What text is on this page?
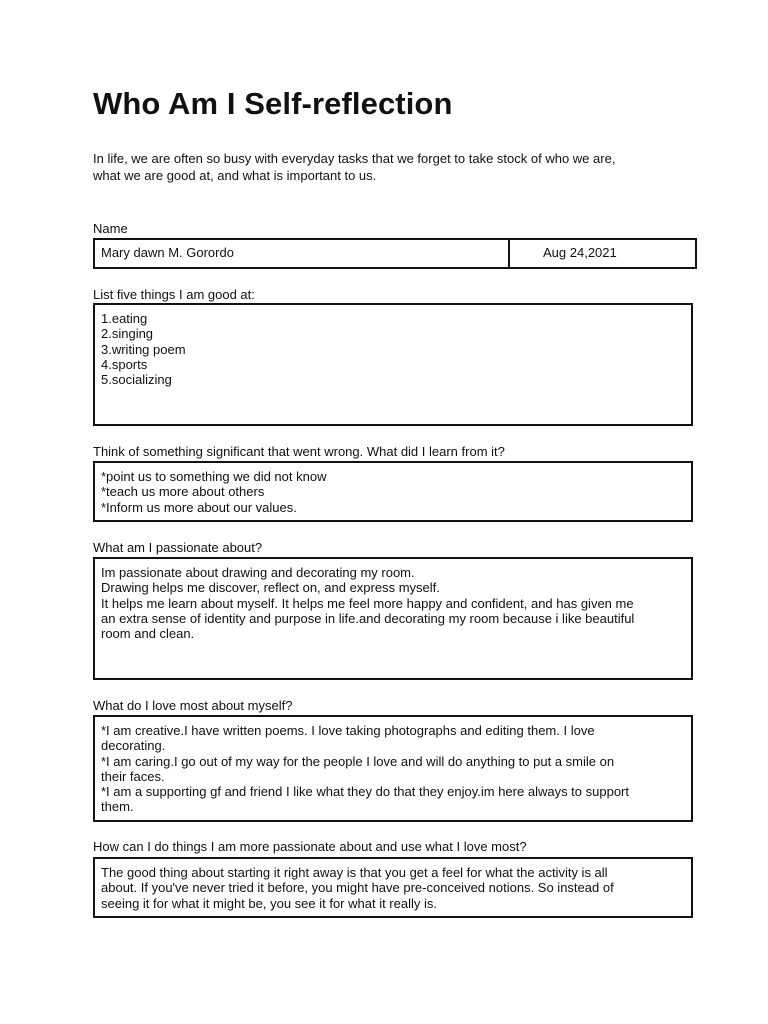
Who Am I Self-reflection
In life, we are often so busy with everyday tasks that we forget to take stock of who we are,
what we are good at, and what is important to us.
Name
Mary dawn M. Gorordo	Aug 24,2021
List five things I am good at:
1.eating
2.singing
3.writing poem
4.sports
5.socializing
Think of something significant that went wrong. What did I learn from it?
*point us to something we did not know
*teach us more about others
*Inform us more about our values.
What am I passionate about?
Im passionate about drawing and decorating my room.
Drawing helps me discover, reflect on, and express myself.
It helps me learn about myself. It helps me feel more happy and confident, and has given me
an extra sense of identity and purpose in life.and decorating my room because i like beautiful
room and clean.
What do I love most about myself?
*I am creative.I have written poems. I love taking photographs and editing them. I love
decorating.
*I am caring.I go out of my way for the people I love and will do anything to put a smile on
their faces.
*I am a supporting gf and friend I like what they do that they enjoy.im here always to support
them.
How can I do things I am more passionate about and use what I love most?
The good thing about starting it right away is that you get a feel for what the activity is all
about. If you've never tried it before, you might have pre-conceived notions. So instead of
seeing it for what it might be, you see it for what it really is.
